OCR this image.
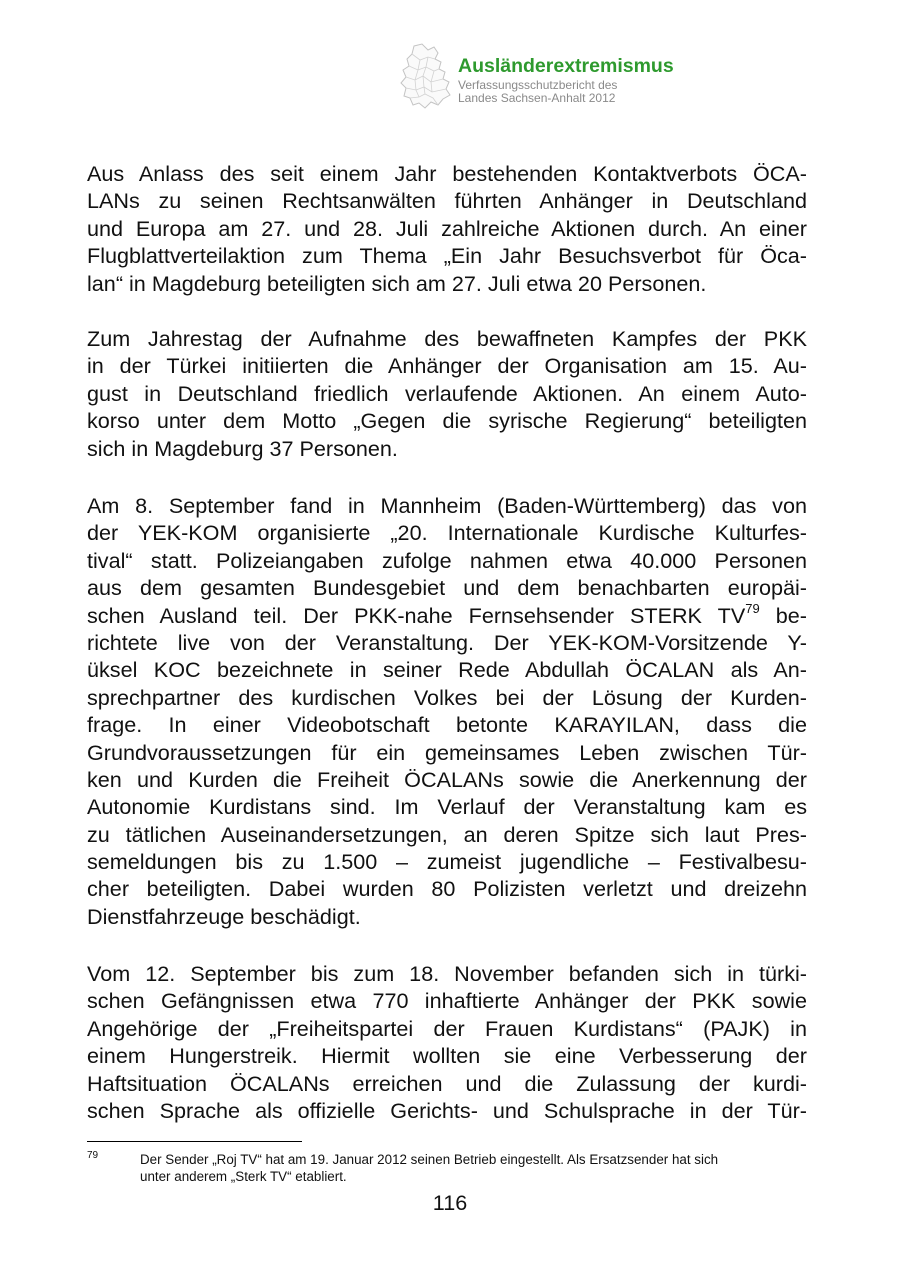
Ausländerextremismus
Verfassungsschutzbericht des
Landes Sachsen-Anhalt 2012
Aus Anlass des seit einem Jahr bestehenden Kontaktverbots ÖCA-
LANs zu seinen Rechtsanwälten führten Anhänger in Deutschland
und Europa am 27. und 28. Juli zahlreiche Aktionen durch. An einer
Flugblattverteilaktion zum Thema „Ein Jahr Besuchsverbot für Öca-
lan“ in Magdeburg beteiligten sich am 27. Juli etwa 20 Personen.
Zum Jahrestag der Aufnahme des bewaffneten Kampfes der PKK
in der Türkei initiierten die Anhänger der Organisation am 15. Au-
gust in Deutschland friedlich verlaufende Aktionen. An einem Auto-
korso unter dem Motto „Gegen die syrische Regierung“ beteiligten
sich in Magdeburg 37 Personen.
Am 8. September fand in Mannheim (Baden-Württemberg) das von
der YEK-KOM organisierte „20. Internationale Kurdische Kulturfes-
tival“ statt. Polizeiangaben zufolge nahmen etwa 40.000 Personen
aus dem gesamten Bundesgebiet und dem benachbarten europäi-
schen Ausland teil. Der PKK-nahe Fernsehsender STERK TV$^{79}$ be-
richtete live von der Veranstaltung. Der YEK-KOM-Vorsitzende Y-
üksel KOC bezeichnete in seiner Rede Abdullah ÖCALAN als An-
sprechpartner des kurdischen Volkes bei der Lösung der Kurden-
frage. In einer Videobotschaft betonte KARAYILAN, dass die
Grundvoraussetzungen für ein gemeinsames Leben zwischen Tür-
ken und Kurden die Freiheit ÖCALANs sowie die Anerkennung der
Autonomie Kurdistans sind. Im Verlauf der Veranstaltung kam es
zu tätlichen Auseinandersetzungen, an deren Spitze sich laut Pres-
semeldungen bis zu 1.500 – zumeist jugendliche – Festivalbesu-
cher beteiligten. Dabei wurden 80 Polizisten verletzt und dreizehn
Dienstfahrzeuge beschädigt.
Vom 12. September bis zum 18. November befanden sich in türki-
schen Gefängnissen etwa 770 inhaftierte Anhänger der PKK sowie
Angehörige der „Freiheitspartei der Frauen Kurdistans“ (PAJK) in
einem Hungerstreik. Hiermit wollten sie eine Verbesserung der
Haftsituation ÖCALANs erreichen und die Zulassung der kurdi-
schen Sprache als offizielle Gerichts- und Schulsprache in der Tür-
79	Der Sender „Roj TV“ hat am 19. Januar 2012 seinen Betrieb eingestellt. Als Ersatzsender hat sich
unter anderem „Sterk TV“ etabliert.
116
